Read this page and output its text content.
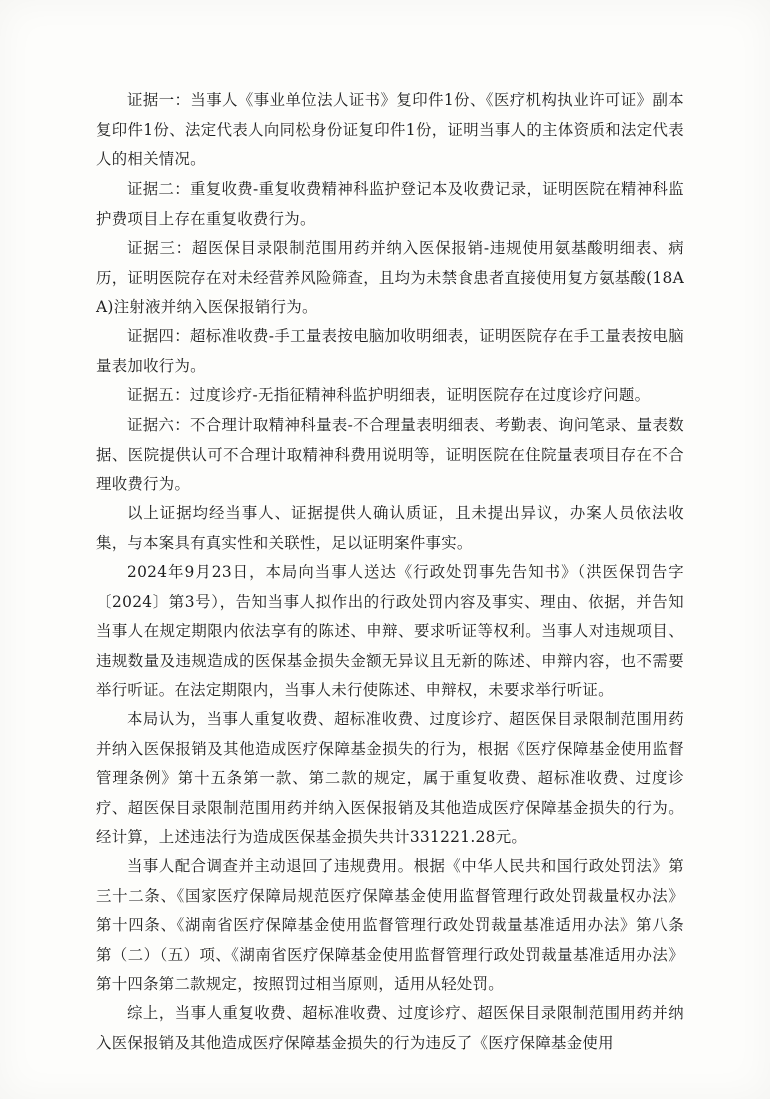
证据一：当事人《事业单位法人证书》复印件1份、《医疗机构执业许可证》副本复印件1份、法定代表人向同松身份证复印件1份，证明当事人的主体资质和法定代表人的相关情况。

证据二：重复收费-重复收费精神科监护登记本及收费记录，证明医院在精神科监护费项目上存在重复收费行为。

证据三：超医保目录限制范围用药并纳入医保报销-违规使用氨基酸明细表、病历，证明医院存在对未经营养风险筛查，且均为未禁食患者直接使用复方氨基酸(18AA)注射液并纳入医保报销行为。

证据四：超标准收费-手工量表按电脑加收明细表，证明医院存在手工量表按电脑量表加收行为。

证据五：过度诊疗-无指征精神科监护明细表，证明医院存在过度诊疗问题。

证据六：不合理计取精神科量表-不合理量表明细表、考勤表、询问笔录、量表数据、医院提供认可不合理计取精神科费用说明等，证明医院在住院量表项目存在不合理收费行为。

以上证据均经当事人、证据提供人确认质证，且未提出异议，办案人员依法收集，与本案具有真实性和关联性，足以证明案件事实。

2024年9月23日，本局向当事人送达《行政处罚事先告知书》（洪医保罚告字〔2024〕第3号），告知当事人拟作出的行政处罚内容及事实、理由、依据，并告知当事人在规定期限内依法享有的陈述、申辩、要求听证等权利。当事人对违规项目、违规数量及违规造成的医保基金损失金额无异议且无新的陈述、申辩内容，也不需要举行听证。在法定期限内，当事人未行使陈述、申辩权，未要求举行听证。

本局认为，当事人重复收费、超标准收费、过度诊疗、超医保目录限制范围用药并纳入医保报销及其他造成医疗保障基金损失的行为，根据《医疗保障基金使用监督管理条例》第十五条第一款、第二款的规定，属于重复收费、超标准收费、过度诊疗、超医保目录限制范围用药并纳入医保报销及其他造成医疗保障基金损失的行为。经计算，上述违法行为造成医保基金损失共计331221.28元。

当事人配合调查并主动退回了违规费用。根据《中华人民共和国行政处罚法》第三十二条、《国家医疗保障局规范医疗保障基金使用监督管理行政处罚裁量权办法》第十四条、《湖南省医疗保障基金使用监督管理行政处罚裁量基准适用办法》第八条第（二）（五）项、《湖南省医疗保障基金使用监督管理行政处罚裁量基准适用办法》第十四条第二款规定，按照罚过相当原则，适用从轻处罚。

综上，当事人重复收费、超标准收费、过度诊疗、超医保目录限制范围用药并纳入医保报销及其他造成医疗保障基金损失的行为违反了《医疗保障基金使用
